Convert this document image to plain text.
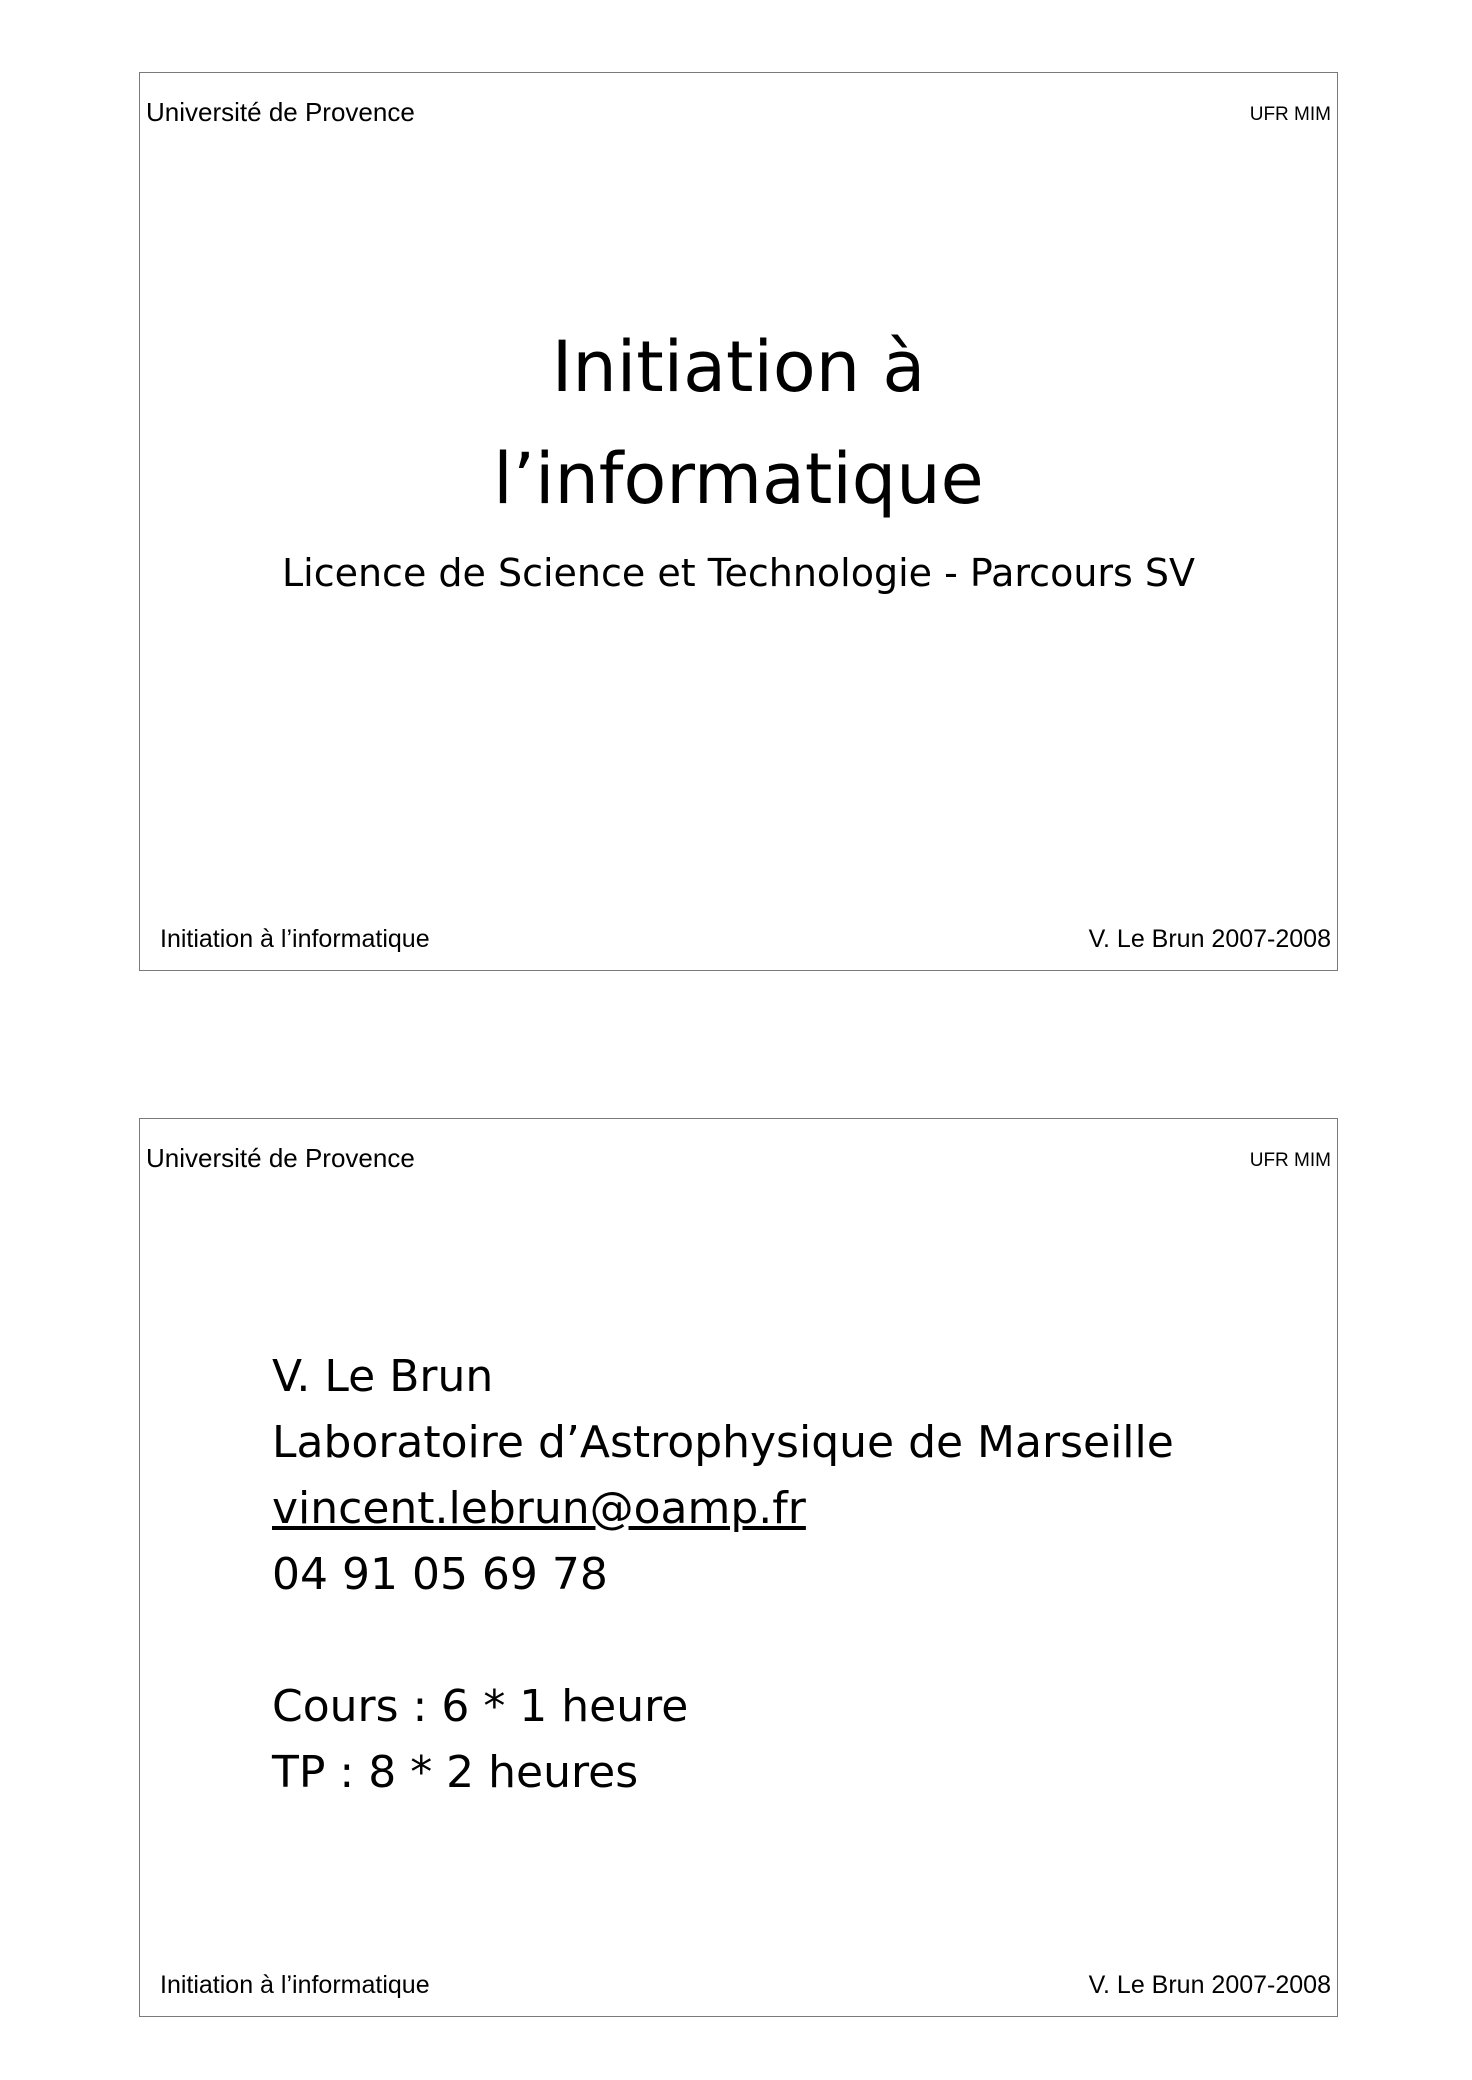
Université de Provence	UFR MIM
Initiation à
l’informatique
Licence de Science et Technologie - Parcours SV
Initiation à l’informatique	V. Le Brun 2007-2008
Université de Provence	UFR MIM
V. Le Brun
Laboratoire d’Astrophysique de Marseille
vincent.lebrun@oamp.fr
04 91 05 69 78
Cours : 6 * 1 heure
TP : 8 * 2 heures
Initiation à l’informatique	V. Le Brun 2007-2008
